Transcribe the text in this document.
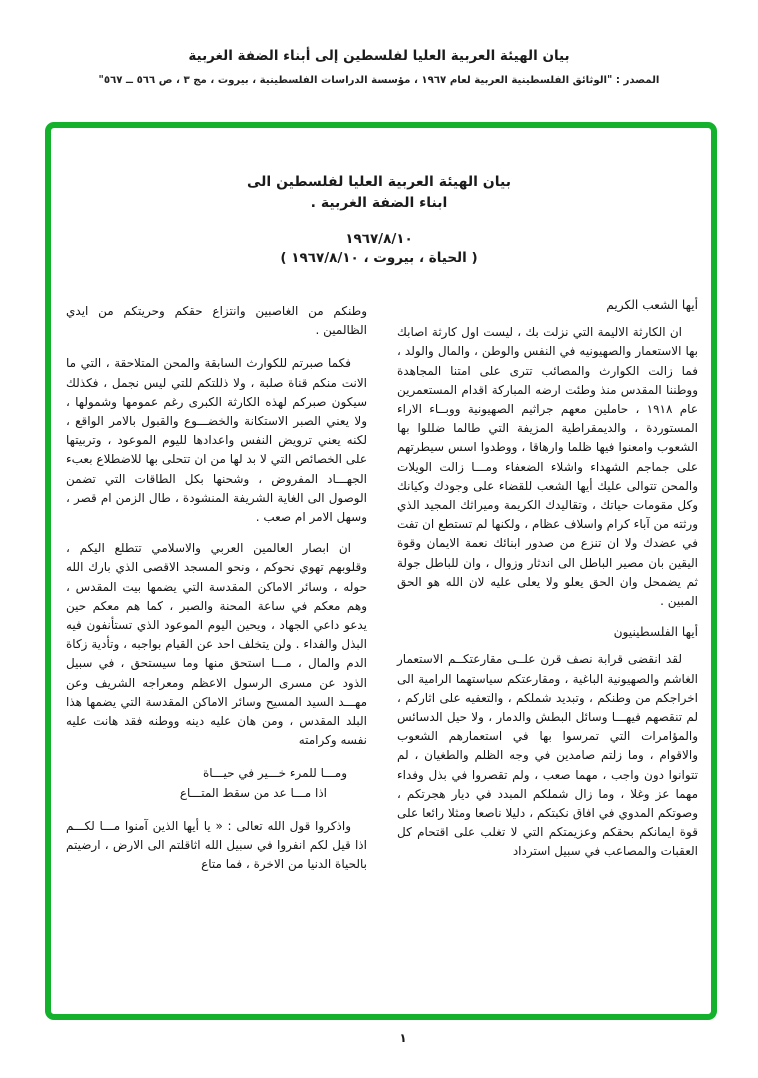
بيان الهيئة العربية العليا لفلسطين إلى أبناء الضفة الغربية
المصدر : "الوثائق الفلسطينية العربية لعام ١٩٦٧ ، مؤسسة الدراسات الفلسطينية ، بيروت ، مج ٣ ، ص ٥٦٦ ــ ٥٦٧"
بيان الهيئة العربية العليا لفلسطين الى
ابناء الضفة الغربية .
١٩٦٧/٨/١٠
( الحياة ، بيروت ، ١٩٦٧/٨/١٠ )
أيها الشعب الكريم
ان الكارثة الاليمة التي نزلت بك ، ليست اول كارثة اصابك بها الاستعمار والصهيونيه في النفس والوطن ، والمال والولد ، فما زالت الكوارث والمصائب تترى على امتنا المجاهدة ووطننا المقدس منذ وطئت ارضه المباركة اقدام المستعمرين عام ١٩١٨ ، حاملين معهم جراثيم الصهيونية ووبــاء الاراء المستوردة ، والديمقراطية المزيفة التي طالما ضللوا بها الشعوب وامعنوا فيها ظلما وارهاقا ، ووطدوا اسس سيطرتهم على جماجم الشهداء واشلاء الضعفاء ومـــا زالت الويلات والمحن تتوالى عليك أيها الشعب للقضاء على وجودك وكيانك وكل مقومات حياتك ، وتقاليدك الكريمة وميراثك المجيد الذي ورثته من آباء كرام واسلاف عظام ، ولكنها لم تستطع ان تفت في عضدك ولا ان تنزع من صدور ابنائك نعمة الايمان وقوة اليقين بان مصير الباطل الى اندثار وزوال ، وان للباطل جولة ثم يضمحل وان الحق يعلو ولا يعلى عليه لان الله هو الحق المبين .
أيها الفلسطينيون
لقد انقضى قرابة نصف قرن علــى مقارعتكــم الاستعمار الغاشم والصهيونية الباغية ، ومقارعتكم سياستهما الرامية الى اخراجكم من وطنكم ، وتبديد شملكم ، والتعفيه على اثاركم ، لم تنقصهم فيهـــا وسائل البطش والدمار ، ولا حيل الدسائس والمؤامرات التي تمرسوا بها في استعمارهم الشعوب والاقوام ، وما زلتم صامدين في وجه الظلم والطغيان ، لم تتوانوا دون واجب ، مهما صعب ، ولم تقصروا في بذل وفداء مهما عز وغلا ، وما زال شملكم المبدد في ديار هجرتكم ، وصوتكم المدوي في افاق نكبتكم ، دليلا ناصعا ومثلا رائعا على قوة ايمانكم بحقكم وعزيمتكم التي لا تغلب على اقتحام كل العقبات والمصاعب في سبيل استرداد
وطنكم من الغاصبين وانتزاع حقكم وحريتكم من ايدي الظالمين .
فكما صبرتم للكوارث السابقة والمحن المتلاحقة ، التي ما الانت منكم قناة صلبة ، ولا ذللتكم للتي ليس نجمل ، فكذلك سيكون صبركم لهذه الكارثة الكبرى رغم عمومها وشمولها ، ولا يعني الصبر الاستكانة والخضـــوع والقبول بالامر الواقع ، لكنه يعني ترويض النفس واعدادها لليوم الموعود ، وتربيتها على الخصائص التي لا بد لها من ان تتحلى بها للاضطلاع بعبء الجهـــاد المفروض ، وشحنها بكل الطاقات التي تضمن الوصول الى الغاية الشريفة المنشودة ، طال الزمن ام قصر ، وسهل الامر ام صعب .
ان ابصار العالمين العربي والاسلامي تتطلع اليكم ، وقلوبهم تهوي نحوكم ، ونحو المسجد الاقصى الذي بارك الله حوله ، وسائر الاماكن المقدسة التي يضمها بيت المقدس ، وهم معكم في ساعة المحنة والصبر ، كما هم معكم حين يدعو داعي الجهاد ، ويحين اليوم الموعود الذي تستأنفون فيه البذل والفداء . ولن يتخلف احد عن القيام بواجبه ، وتأدية زكاة الدم والمال ، مـــا استحق منها وما سيستحق ، في سبيل الذود عن مسرى الرسول الاعظم ومعراجه الشريف وعن مهـــد السيد المسيح وسائر الاماكن المقدسة التي يضمها هذا البلد المقدس ، ومن هان عليه دينه ووطنه فقد هانت عليه نفسه وكرامته
ومـــا للمرء خـــير في حيـــاة
اذا مـــا عد من سقط المتـــاع
واذكروا قول الله تعالى : « يا أيها الذين آمنوا مـــا لكـــم اذا قيل لكم انفروا في سبيل الله اثاقلتم الى الارض ، ارضيتم بالحياة الدنيا من الاخرة ، فما متاع
١
